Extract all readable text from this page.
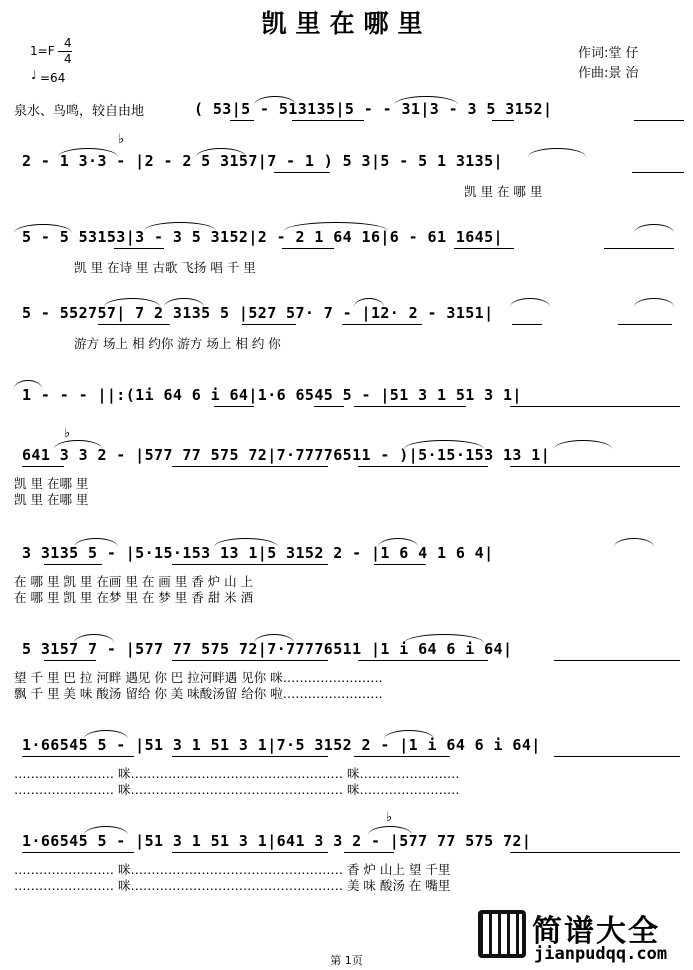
凯里在哪里
1=F
4
4
♩ =64
作词:堂 仔
作曲:景 治
泉水、鸟鸣，较自由地	( 53|5 - 513135|5 - - 31|3 - 3 5 3152|
♭
2 - 1 3·3 - |2 - 2 5 3157|7 - 1 ) 5 3|5 - 5 1 3135|
凯 里 在 哪 里
5 - 5 53153|3 - 3 5 3152|2 - 2 1 64 16|6 - 61 1645|
凯 里 在诗 里 古歌 飞扬 唱 千 里
5 - 552757| 7 2 3135 5 |527 57· 7 - |12· 2 - 3151|
游方 场上 相 约你 游方 场上 相 约 你
1 - - - ||:(1i 64 6 i 64|1·6 6545 5 - |51 3 1 51 3 1|
♭
641 3 3 2 - |577 77 575 72|7·77776511 - )|5·15·153 13 1|
凯 里 在哪 里
凯 里 在哪 里
3 3135 5 - |5·15·153 13 1|5 3152 2 - |1 6 4 1 6 4|
在 哪 里 凯 里 在画 里 在 画 里 香 炉 山 上
在 哪 里 凯 里 在梦 里 在 梦 里 香 甜 米 酒
5 3157 7 - |577 77 575 72|7·77776511 |1 i 64 6 i 64|
望 千 里 巴 拉 河畔 遇见 你 巴 拉河畔遇 见你 咪……………………
飘 千 里 美 味 酸汤 留给 你 美 味酸汤留 给你 啦……………………
1·66545 5 - |51 3 1 51 3 1|7·5 3152 2 - |1 i 64 6 i 64|
…………………… 咪…………………………………………… 咪……………………
…………………… 咪…………………………………………… 咪……………………
♭
1·66545 5 - |51 3 1 51 3 1|641 3 3 2 - |577 77 575 72|
…………………… 咪…………………………………………… 香 炉 山上 望 千里
…………………… 咪…………………………………………… 美 味 酸汤 在 嘴里
简谱大全
jianpudqq.com
第 1页
